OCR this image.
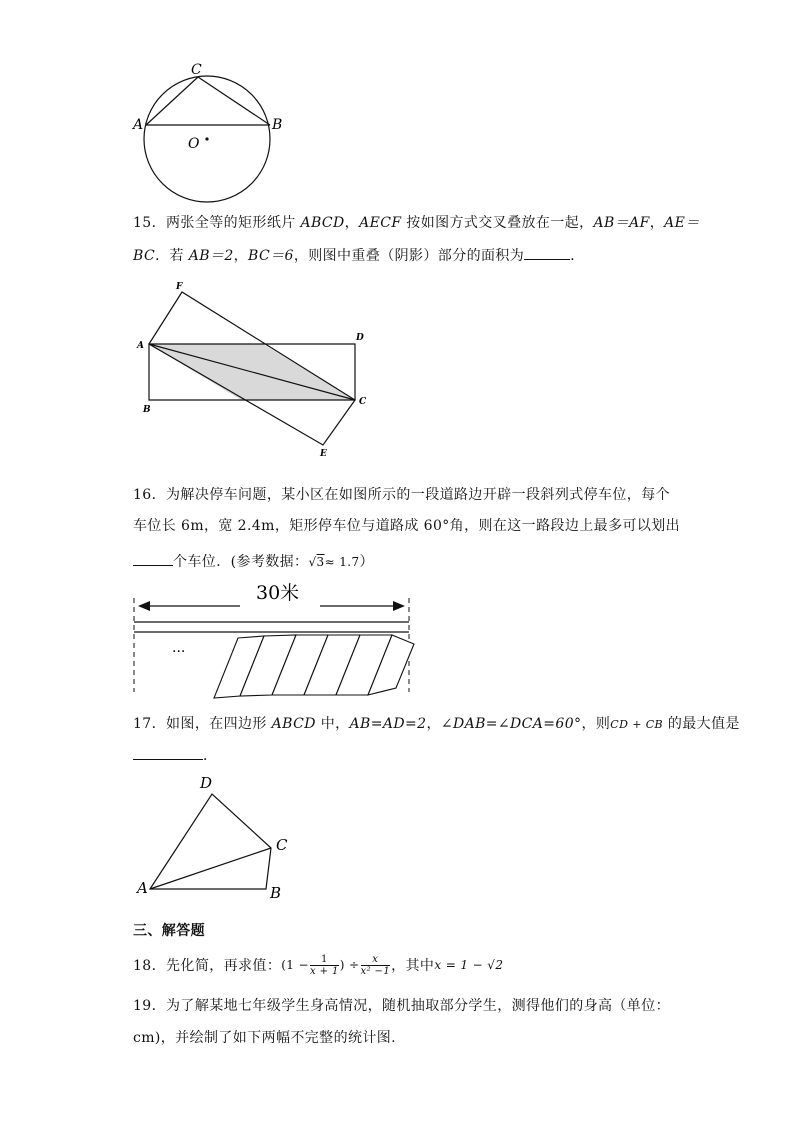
C
A	B
O
15．两张全等的矩形纸片 ABCD，AECF 按如图方式交叉叠放在一起，AB＝AF，AE＝
BC．若 AB＝2，BC＝6，则图中重叠（阴影）部分的面积为	．
F
A
D
B
C
E
16．为解决停车问题，某小区在如图所示的一段道路边开辟一段斜列式停车位，每个
车位长 6m，宽 2.4m，矩形停车位与道路成 60°角，则在这一路段边上最多可以划出
个车位．(参考数据：√3≈ 1.7）
30米
...
17．如图，在四边形 ABCD 中，AB=AD=2，∠DAB=∠DCA=60°，则CD + CB 的最大值是
．
D
C
A	B
三、解答题
18．先化简，再求值： ($1 - \frac{1}{x + 1}$ ) ÷ $\frac{x}{\text{x² −1}}$ ，其中 x = 1 − √2
19．为了解某地七年级学生身高情况，随机抽取部分学生，测得他们的身高（单位：
cm)，并绘制了如下两幅不完整的统计图.
